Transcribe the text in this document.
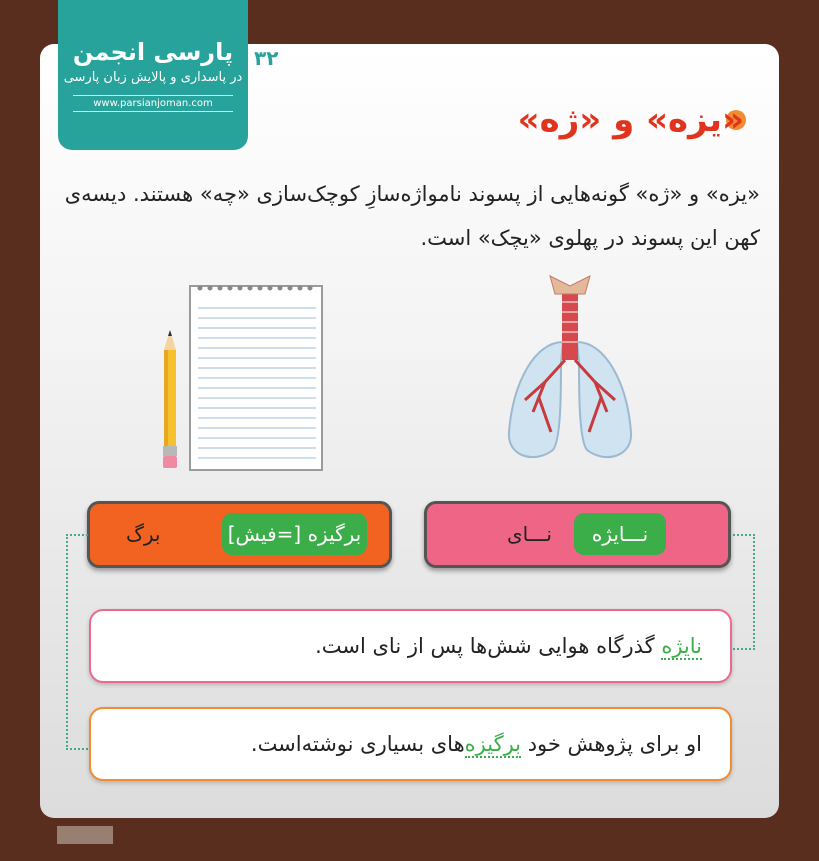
پارسی انجمن
در پاسداری و پالایش زبان پارسی
www.parsianjoman.com
۳۲
«یزه» و «ژه»
«یزه» و «ژه» گونه‌هایی از پسوند نامواژه‌سازِ کوچک‌سازی «چه» هستند. دیسه‌ی کهن این پسوند در پهلوی «یچک» است.
برگیزه [=فیش]
برگ	نـــایژه
نـــای
نایژه گذرگاه هوایی شش‌ها پس از نای است.
او برای پژوهش خود برگیزه‌های بسیاری نوشته‌است.
